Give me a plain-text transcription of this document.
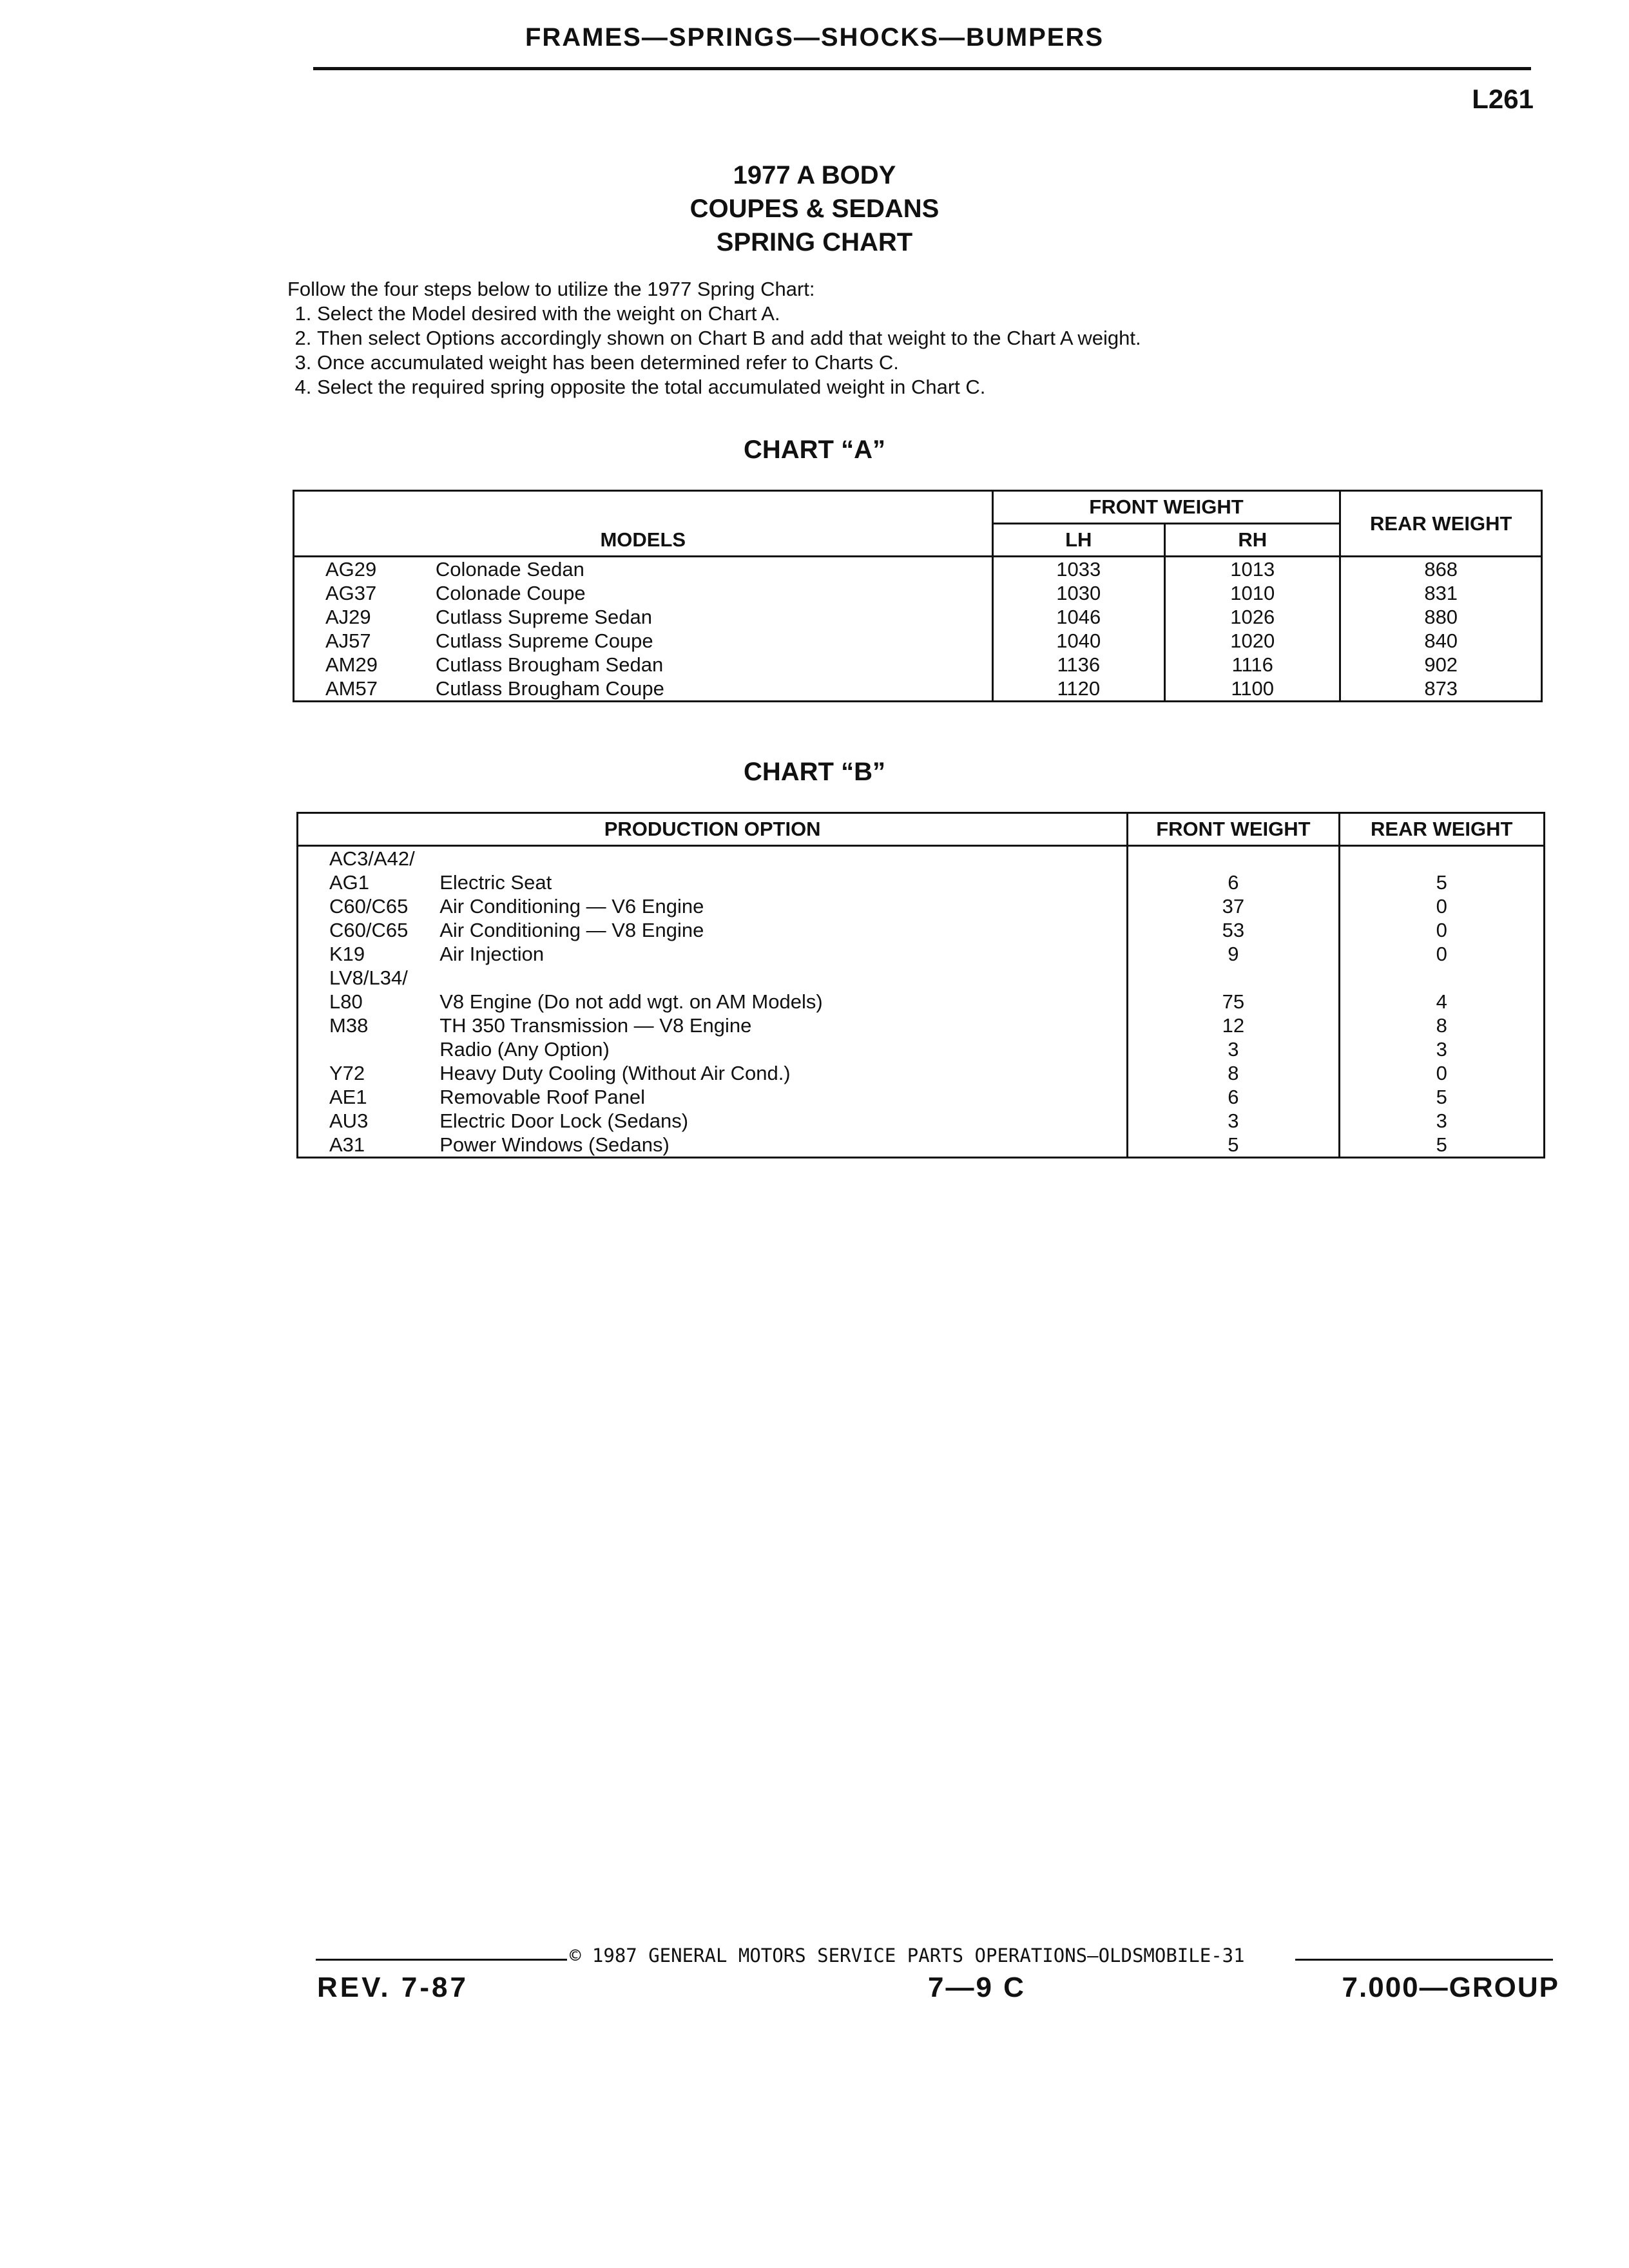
FRAMES—SPRINGS—SHOCKS—BUMPERS
L261
1977 A BODY
COUPES & SEDANS
SPRING CHART
Follow the four steps below to utilize the 1977 Spring Chart:
1. Select the Model desired with the weight on Chart A.
2. Then select Options accordingly shown on Chart B and add that weight to the Chart A weight.
3. Once accumulated weight has been determined refer to Charts C.
4. Select the required spring opposite the total accumulated weight in Chart C.
CHART “A”
MODELS		FRONT WEIGHT		REAR WEIGHT
		LH	RH	
AG29	Colonade Sedan	1033	1013	868
AG37	Colonade Coupe	1030	1010	831
AJ29	Cutlass Supreme Sedan	1046	1026	880
AJ57	Cutlass Supreme Coupe	1040	1020	840
AM29	Cutlass Brougham Sedan	1136	1116	902
AM57	Cutlass Brougham Coupe	1120	1100	873
CHART “B”
PRODUCTION OPTION		FRONT WEIGHT	REAR WEIGHT
AC3/A42/			
AG1	Electric Seat	6	5
C60/C65	Air Conditioning — V6 Engine	37	0
C60/C65	Air Conditioning — V8 Engine	53	0
K19	Air Injection	9	0
LV8/L34/			
L80	V8 Engine (Do not add wgt. on AM Models)	75	4
M38	TH 350 Transmission — V8 Engine	12	8
	Radio (Any Option)	3	3
Y72	Heavy Duty Cooling (Without Air Cond.)	8	0
AE1	Removable Roof Panel	6	5
AU3	Electric Door Lock (Sedans)	3	3
A31	Power Windows (Sedans)	5	5
© 1987 GENERAL MOTORS SERVICE PARTS OPERATIONS—OLDSMOBILE-31
REV. 7-87	7—9 C	7.000—GROUP
